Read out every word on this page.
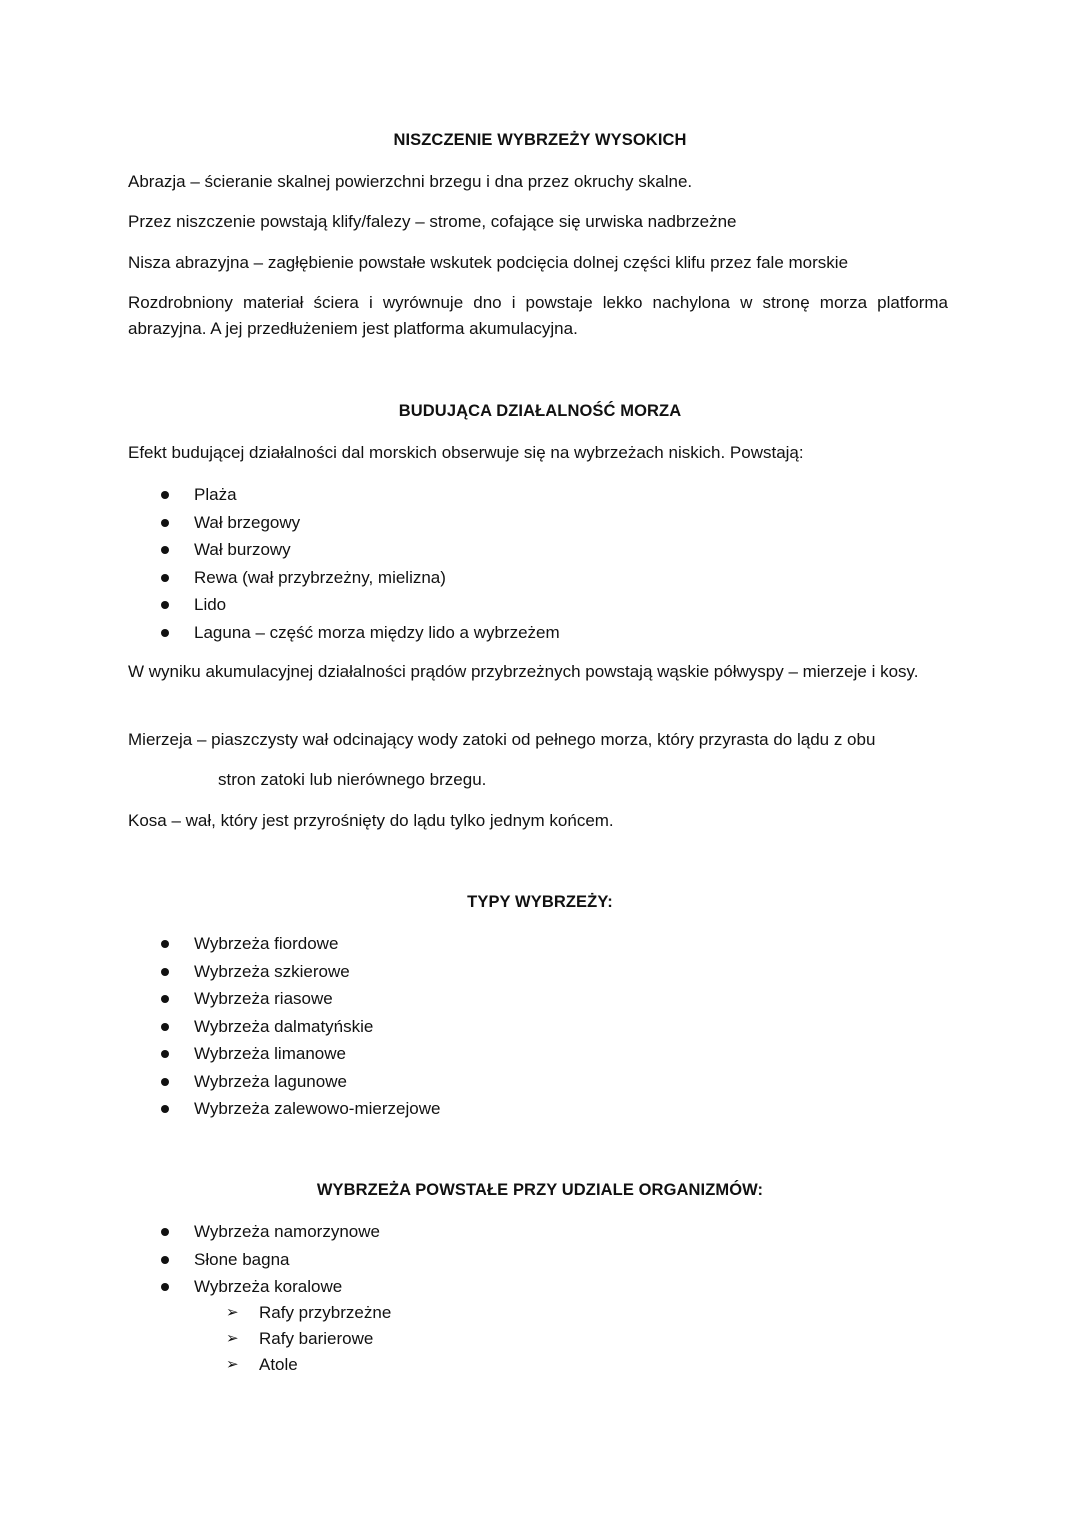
NISZCZENIE WYBRZEŻY WYSOKICH

Abrazja – ścieranie skalnej powierzchni brzegu i dna przez okruchy skalne.

Przez niszczenie powstają klify/falezy – strome, cofające się urwiska nadbrzeżne

Nisza abrazyjna – zagłębienie powstałe wskutek podcięcia dolnej części klifu przez fale morskie

Rozdrobniony materiał ściera i wyrównuje dno i powstaje lekko nachylona w stronę morza platforma abrazyjna. A jej przedłużeniem jest platforma akumulacyjna.

BUDUJĄCA DZIAŁALNOŚĆ MORZA

Efekt budującej działalności dal morskich obserwuje się na wybrzeżach niskich. Powstają:

Plaża
Wał brzegowy
Wał burzowy
Rewa (wał przybrzeżny, mielizna)
Lido
Laguna – część morza między lido a wybrzeżem

W wyniku akumulacyjnej działalności prądów przybrzeżnych powstają wąskie półwyspy – mierzeje i kosy.

Mierzeja – piaszczysty wał odcinający wody zatoki od pełnego morza, który przyrasta do lądu z obu

stron zatoki lub nierównego brzegu.

Kosa – wał, który jest przyrośnięty do lądu tylko jednym końcem.

TYPY WYBRZEŻY:
Wybrzeża fiordowe
Wybrzeża szkierowe
Wybrzeża riasowe
Wybrzeża dalmatyńskie
Wybrzeża limanowe
Wybrzeża lagunowe
Wybrzeża zalewowo-mierzejowe
WYBRZEŻA POWSTAŁE PRZY UDZIALE ORGANIZMÓW:
Wybrzeża namorzynowe
Słone bagna
Wybrzeża koralowe
➢ Rafy przybrzeżne
➢ Rafy barierowe
➢ Atole
